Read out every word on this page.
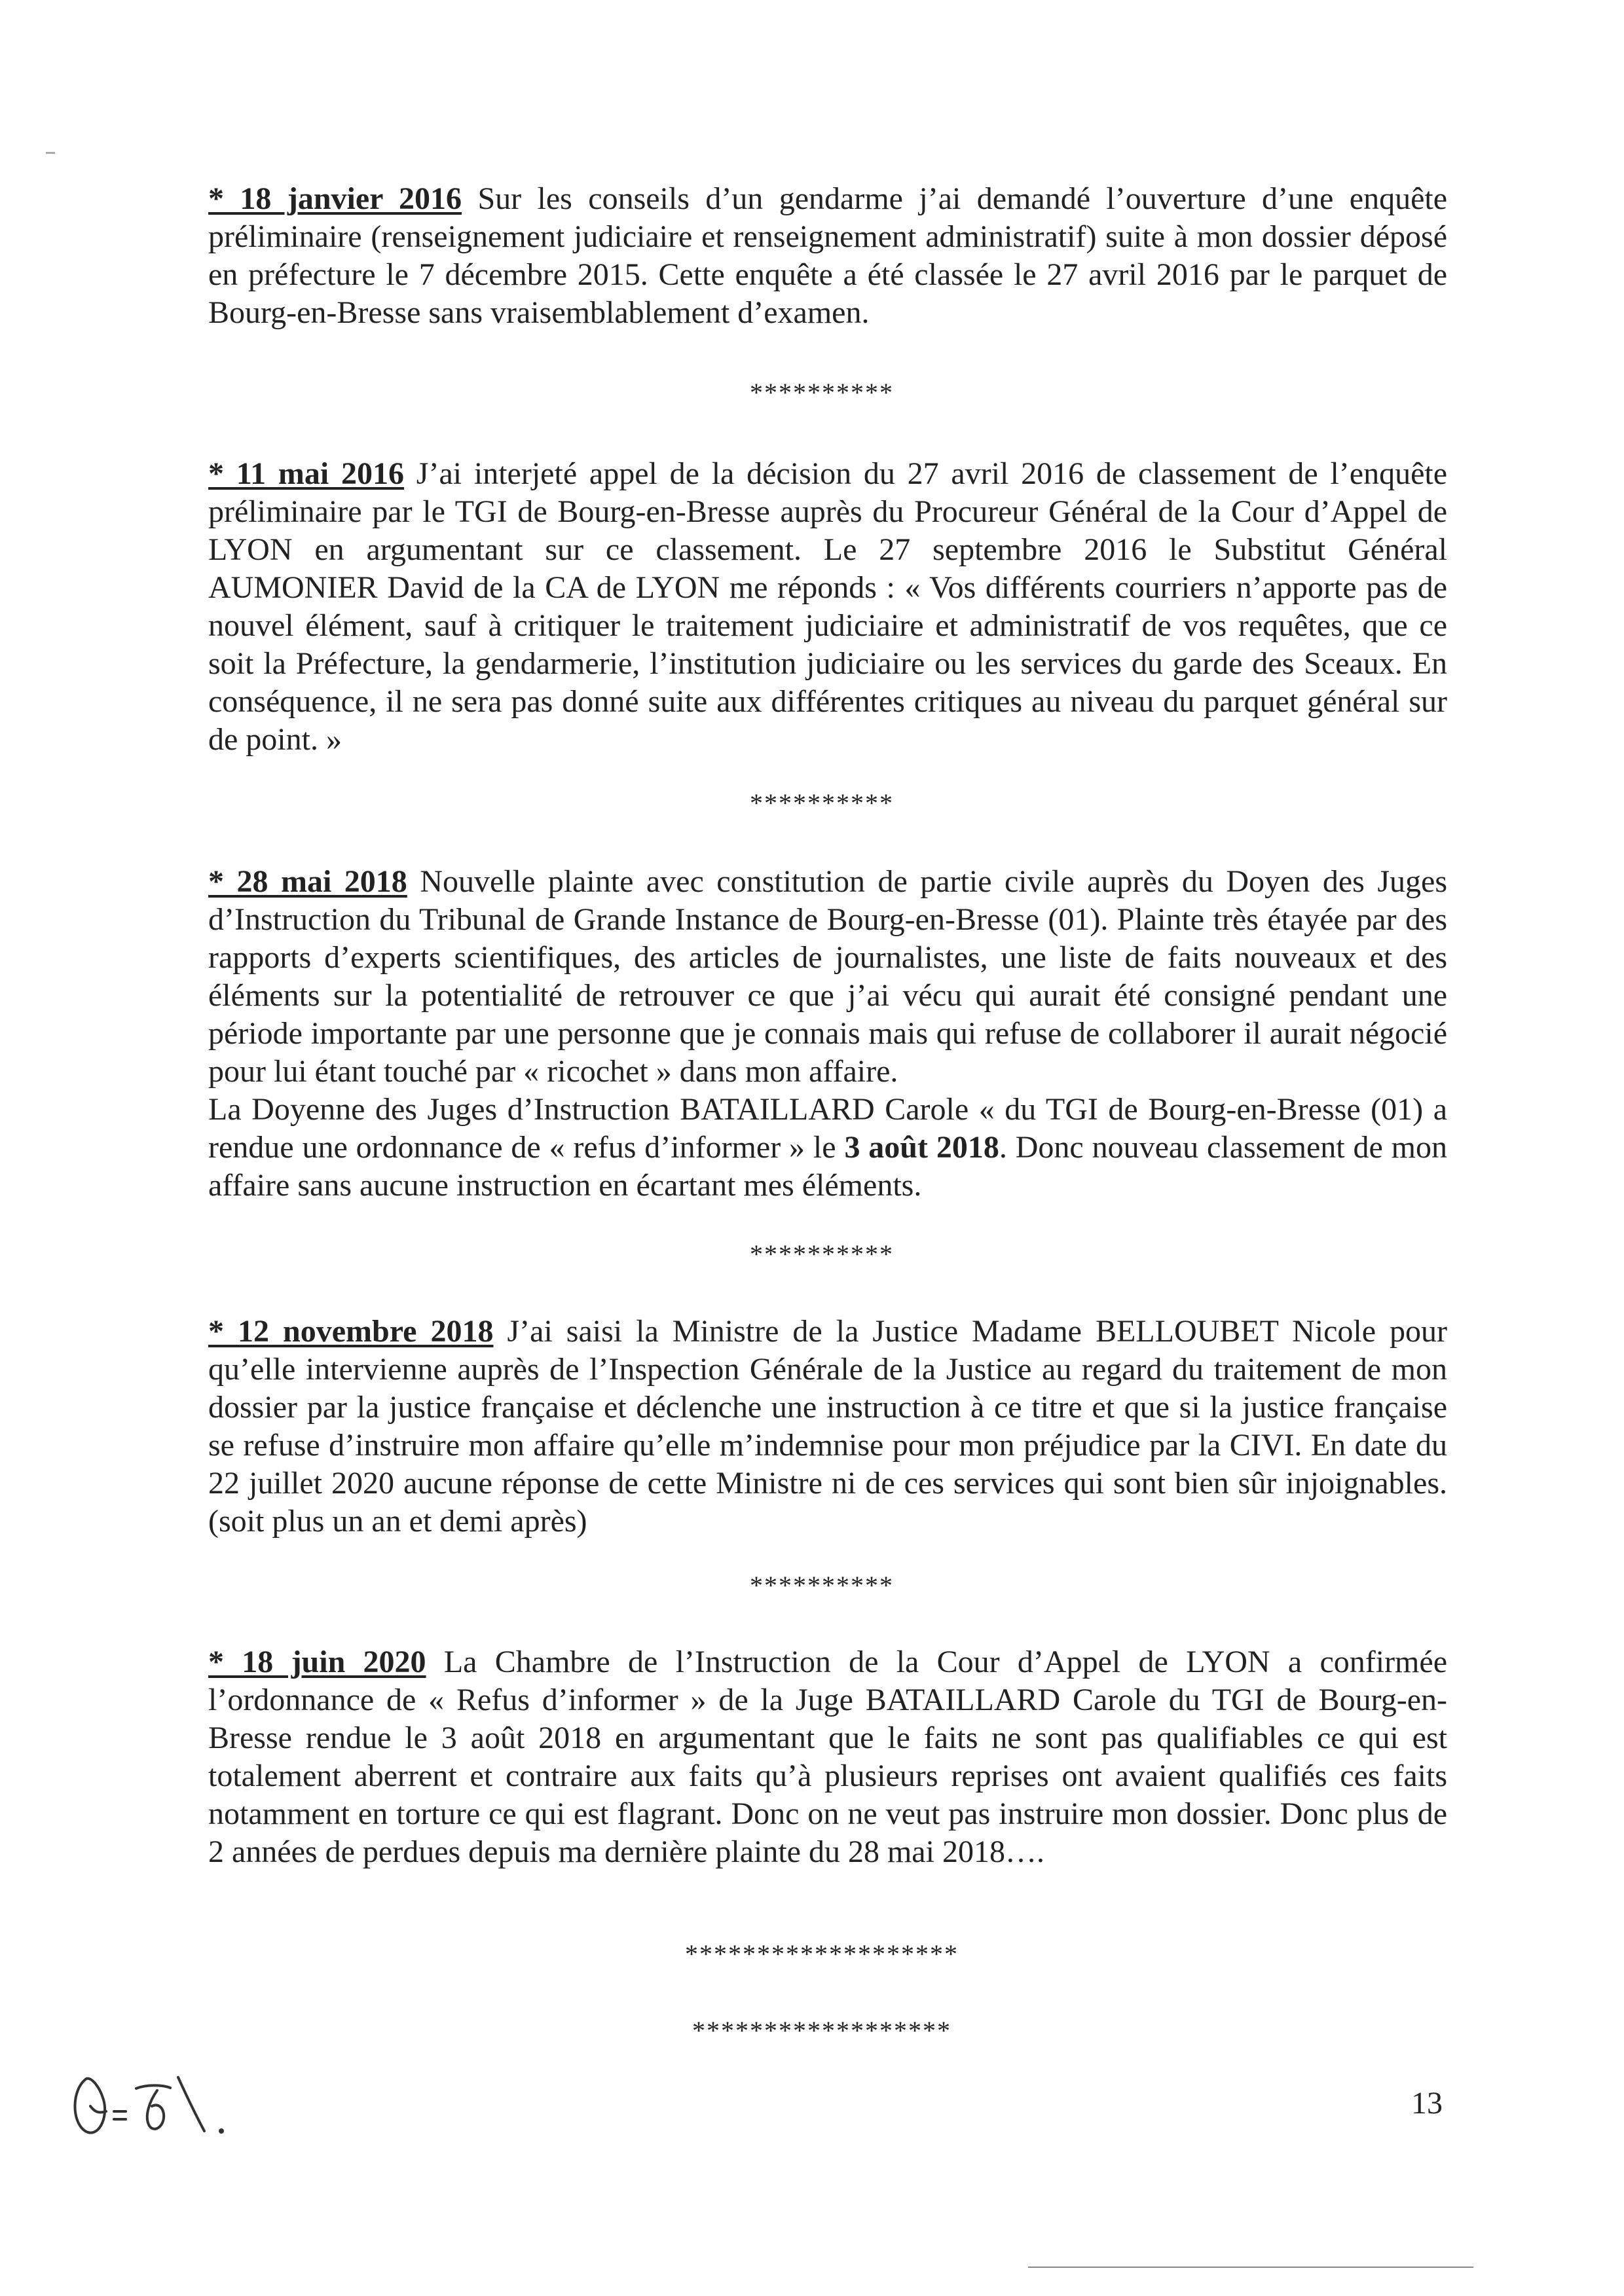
* 18 janvier 2016 Sur les conseils d’un gendarme j’ai demandé l’ouverture d’une enquête préliminaire (renseignement judiciaire et renseignement administratif) suite à mon dossier déposé en préfecture le 7 décembre 2015. Cette enquête a été classée le 27 avril 2016 par le parquet de Bourg-en-Bresse sans vraisemblablement d’examen.

**********

* 11 mai 2016 J’ai interjeté appel de la décision du 27 avril 2016 de classement de l’enquête préliminaire par le TGI de Bourg-en-Bresse auprès du Procureur Général de la Cour d’Appel de LYON en argumentant sur ce classement. Le 27 septembre 2016 le Substitut Général AUMONIER David de la CA de LYON me réponds : « Vos différents courriers n’apporte pas de nouvel élément, sauf à critiquer le traitement judiciaire et administratif de vos requêtes, que ce soit la Préfecture, la gendarmerie, l’institution judiciaire ou les services du garde des Sceaux. En conséquence, il ne sera pas donné suite aux différentes critiques au niveau du parquet général sur de point. »

**********

* 28 mai 2018 Nouvelle plainte avec constitution de partie civile auprès du Doyen des Juges d’Instruction du Tribunal de Grande Instance de Bourg-en-Bresse (01). Plainte très étayée par des rapports d’experts scientifiques, des articles de journalistes, une liste de faits nouveaux et des éléments sur la potentialité de retrouver ce que j’ai vécu qui aurait été consigné pendant une période importante par une personne que je connais mais qui refuse de collaborer il aurait négocié pour lui étant touché par « ricochet » dans mon affaire.

La Doyenne des Juges d’Instruction BATAILLARD Carole « du TGI de Bourg-en-Bresse (01) a rendue une ordonnance de « refus d’informer » le 3 août 2018. Donc nouveau classement de mon affaire sans aucune instruction en écartant mes éléments.

**********

* 12 novembre 2018 J’ai saisi la Ministre de la Justice Madame BELLOUBET Nicole pour qu’elle intervienne auprès de l’Inspection Générale de la Justice au regard du traitement de mon dossier par la justice française et déclenche une instruction à ce titre et que si la justice française se refuse d’instruire mon affaire qu’elle m’indemnise pour mon préjudice par la CIVI. En date du 22 juillet 2020 aucune réponse de cette Ministre ni de ces services qui sont bien sûr injoignables. (soit plus un an et demi après)

**********

* 18 juin 2020 La Chambre de l’Instruction de la Cour d’Appel de LYON a confirmée l’ordonnance de « Refus d’informer » de la Juge BATAILLARD Carole du TGI de Bourg-en-Bresse rendue le 3 août 2018 en argumentant que le faits ne sont pas qualifiables ce qui est totalement aberrent et contraire aux faits qu’à plusieurs reprises ont avaient qualifiés ces faits notamment en torture ce qui est flagrant. Donc on ne veut pas instruire mon dossier. Donc plus de 2 années de perdues depuis ma dernière plainte du 28 mai 2018….

*******************
******************
13
